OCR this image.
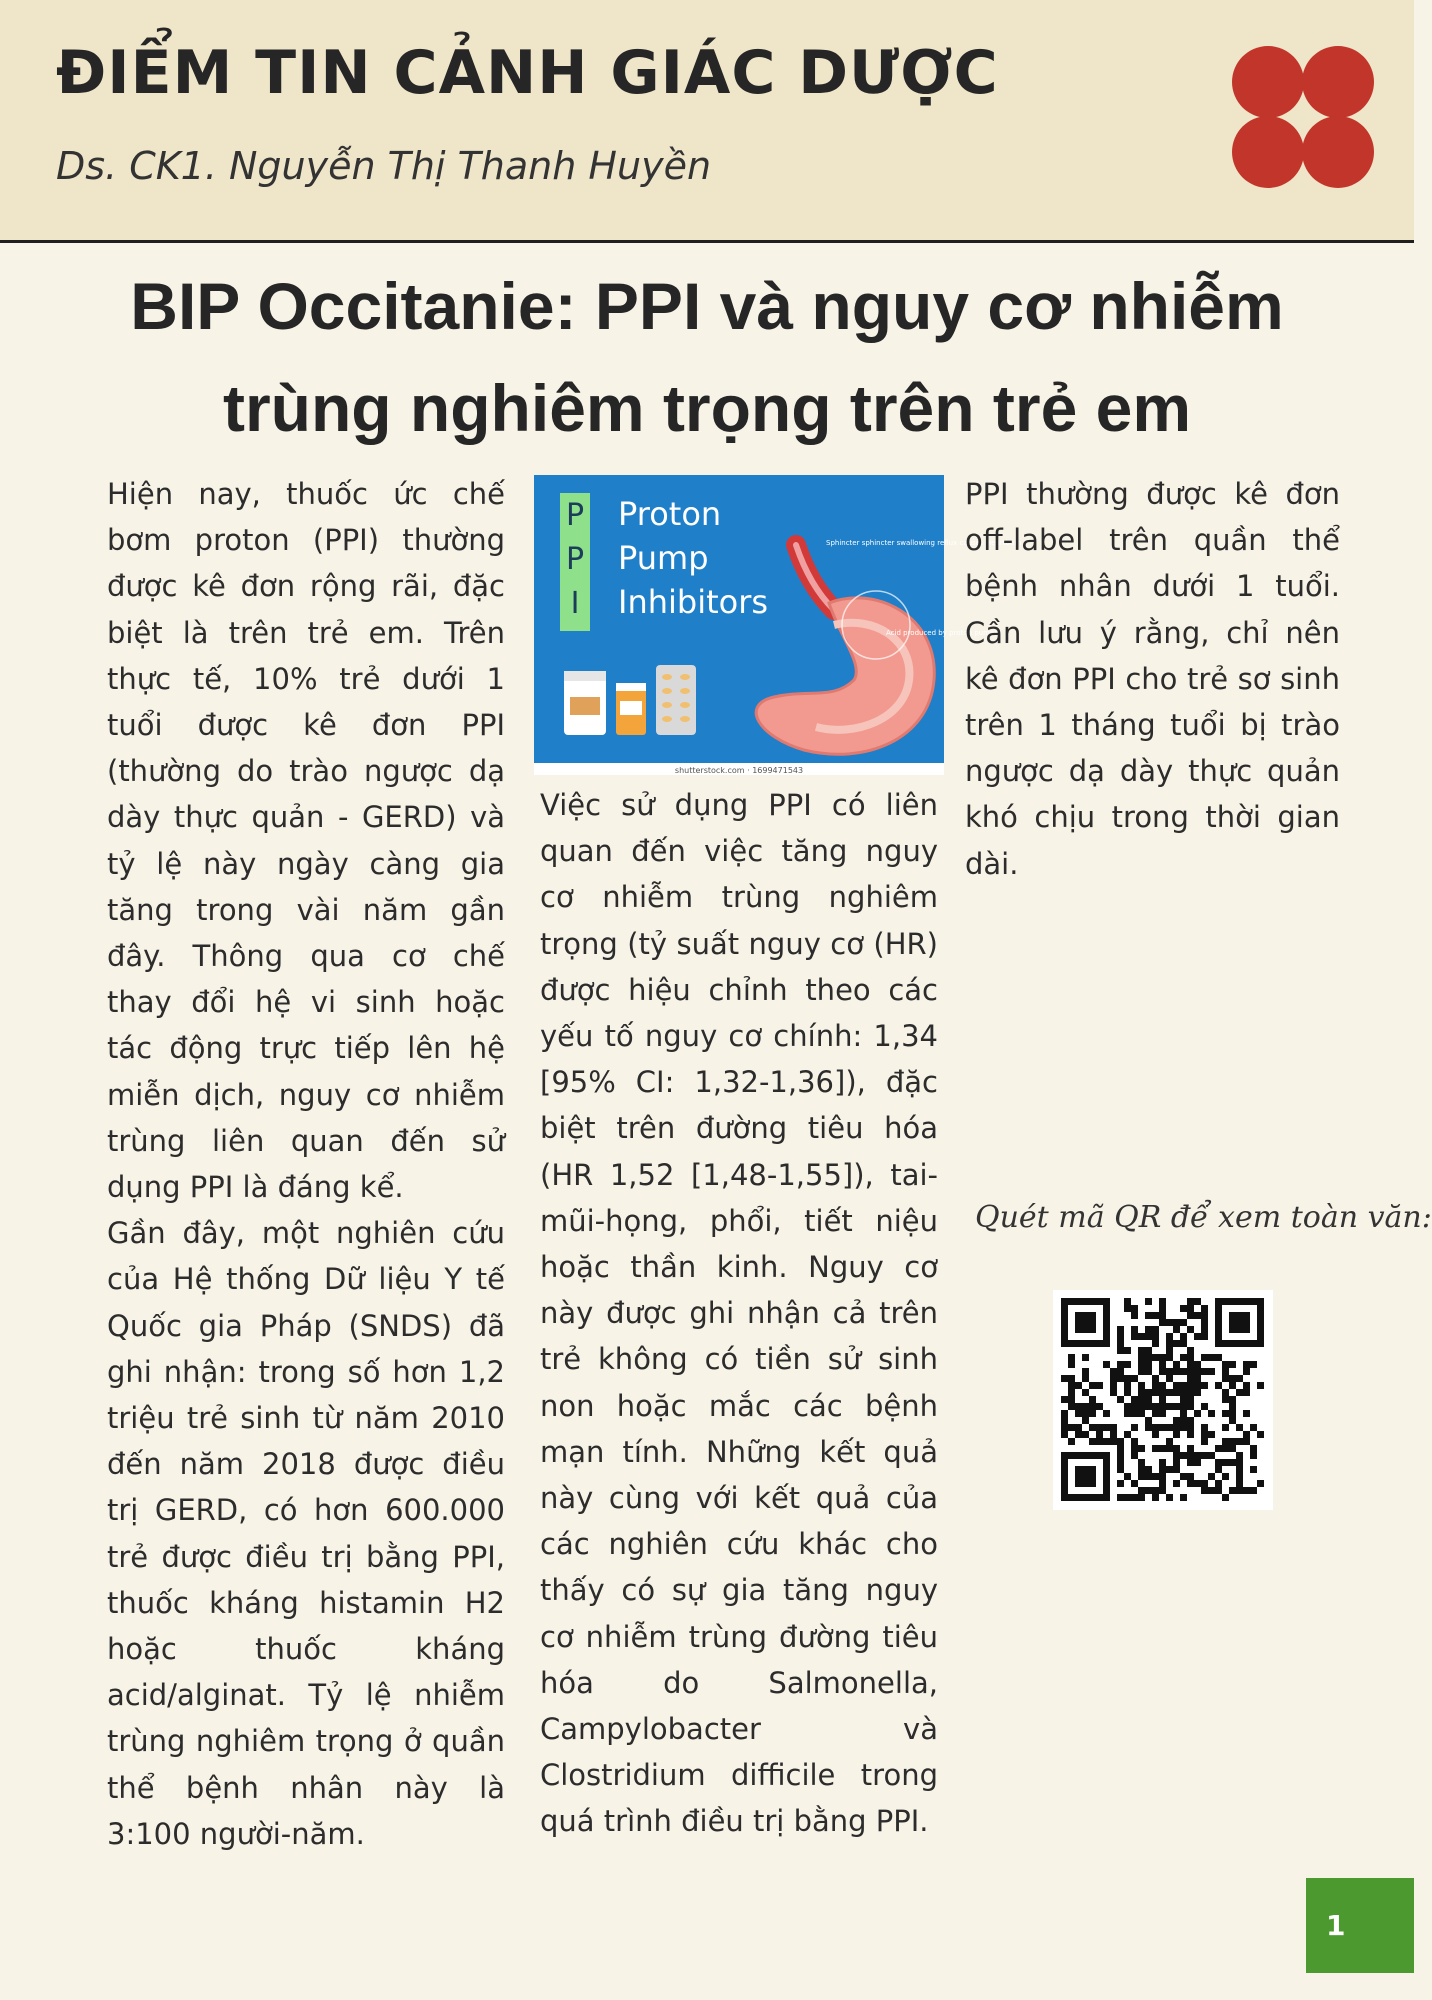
ĐIỂM TIN CẢNH GIÁC DƯỢC
Ds. CK1. Nguyễn Thị Thanh Huyền
BIP Occitanie: PPI và nguy cơ nhiễm
trùng nghiêm trọng trên trẻ em

Hiện nay, thuốc ức chế bơm proton (PPI) thường được kê đơn rộng rãi, đặc biệt là trên trẻ em. Trên thực tế, 10% trẻ dưới 1 tuổi được kê đơn PPI (thường do trào ngược dạ dày thực quản - GERD) và tỷ lệ này ngày càng gia tăng trong vài năm gần đây. Thông qua cơ chế thay đổi hệ vi sinh hoặc tác động trực tiếp lên hệ miễn dịch, nguy cơ nhiễm trùng liên quan đến sử dụng PPI là đáng kể.

Gần đây, một nghiên cứu của Hệ thống Dữ liệu Y tế Quốc gia Pháp (SNDS) đã ghi nhận: trong số hơn 1,2 triệu trẻ sinh từ năm 2010 đến năm 2018 được điều trị GERD, có hơn 600.000 trẻ được điều trị bằng PPI, thuốc kháng histamin H2 hoặc thuốc kháng acid/alginat. Tỷ lệ nhiễm trùng nghiêm trọng ở quần thể bệnh nhân này là 3:100 người-năm.

P
P
I
Proton
Pump
Inhibitors
Sphincter sphincter swallowing reflux causes Heartburn
Acid produced by proton pumps
shutterstock.com · 1699471543

Việc sử dụng PPI có liên quan đến việc tăng nguy cơ nhiễm trùng nghiêm trọng (tỷ suất nguy cơ (HR) được hiệu chỉnh theo các yếu tố nguy cơ chính: 1,34 [95% CI: 1,32-1,36]), đặc biệt trên đường tiêu hóa (HR 1,52 [1,48-1,55]), tai-mũi-họng, phổi, tiết niệu hoặc thần kinh. Nguy cơ này được ghi nhận cả trên trẻ không có tiền sử sinh non hoặc mắc các bệnh mạn tính. Những kết quả này cùng với kết quả của các nghiên cứu khác cho thấy có sự gia tăng nguy cơ nhiễm trùng đường tiêu hóa do Salmonella, Campylobacter và Clostridium difficile trong quá trình điều trị bằng PPI.

PPI thường được kê đơn off-label trên quần thể bệnh nhân dưới 1 tuổi. Cần lưu ý rằng, chỉ nên kê đơn PPI cho trẻ sơ sinh trên 1 tháng tuổi bị trào ngược dạ dày thực quản khó chịu trong thời gian dài.

Quét mã QR để xem toàn văn:
1
